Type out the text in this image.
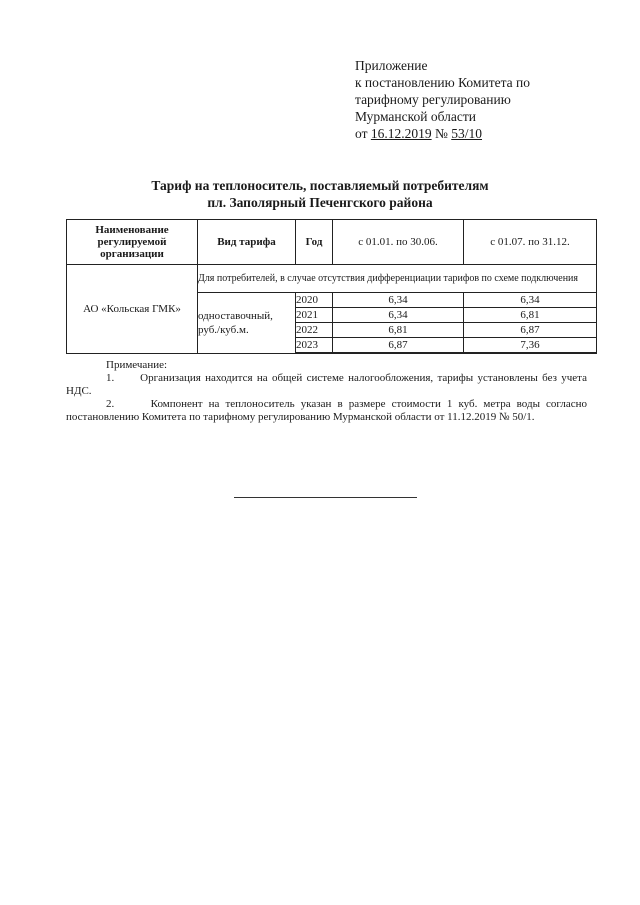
Приложение
к постановлению Комитета по
тарифному регулированию
Мурманской области
от 16.12.2019 № 53/10
Тариф на теплоноситель, поставляемый потребителям
пл. Заполярный Печенгского района
Наименование регулируемой организации	Вид тарифа	Год	с 01.01. по 30.06.	с 01.07. по 31.12.
АО «Кольская ГМК»	Для потребителей, в случае отсутствия дифференциации тарифов по схеме подключения			
	одноставочный, руб./куб.м.	2020	6,34	6,34
		2021	6,34	6,81
		2022	6,81	6,87
		2023	6,87	7,36

Примечание:

1. Организация находится на общей системе налогообложения, тарифы установлены без учета НДС.

2.	Компонент на теплоноситель указан в размере стоимости 1 куб. метра воды согласно постановлению Комитета по тарифному регулированию Мурманской области от 11.12.2019 № 50/1.
